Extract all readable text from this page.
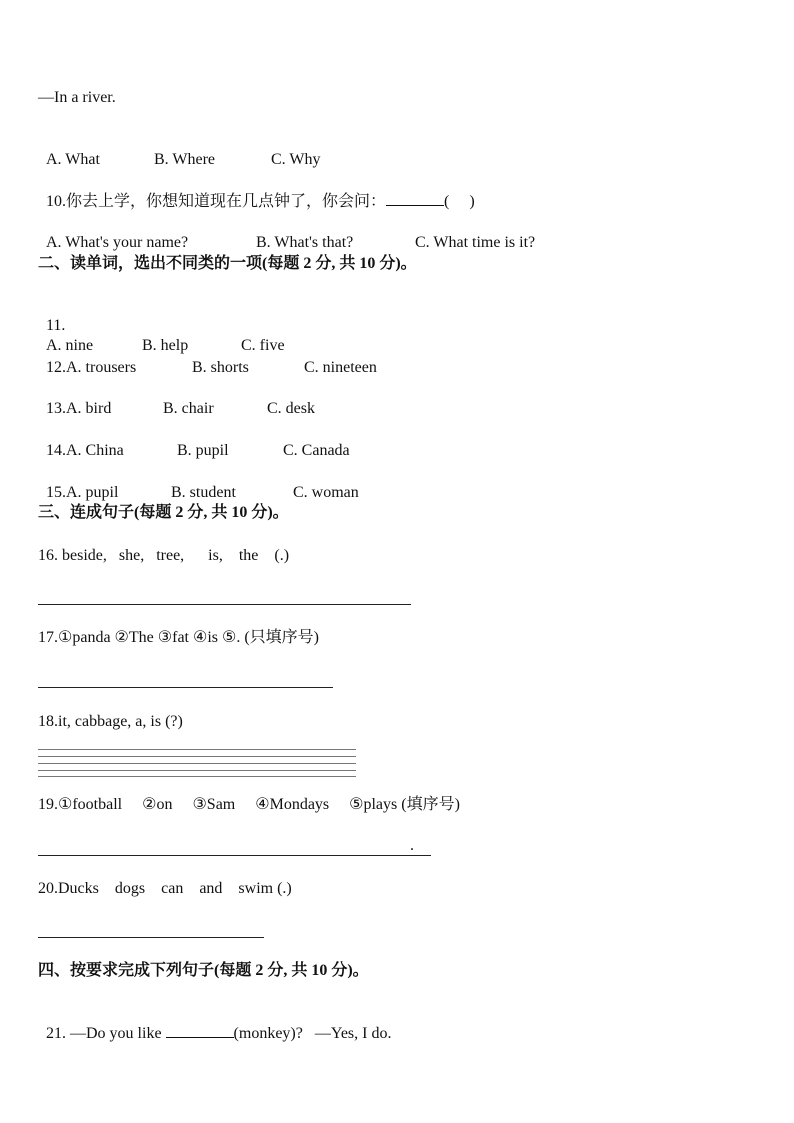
—In a river.

A. What	B. Where	C. Why

10.你去上学，你想知道现在几点钟了，你会问：	(     )

A. What's your name?	B. What's that?	C. What time is it?

二、读单词，选出不同类的一项(每题 2 分, 共 10 分)。

11.
A. nine	B. help	C. five

12.A. trousers	B. shorts	C. nineteen

13.A. bird	B. chair	C. desk

14.A. China	B. pupil	C. Canada

15.A. pupil	B. student	C. woman

三、连成句子(每题 2 分, 共 10 分)。
16. beside,   she,   tree,      is,    the    (.)
17.①panda ②The ③fat ④is ⑤. (只填序号)
18.it, cabbage, a, is (?)
19.①football     ②on     ③Sam     ④Mondays     ⑤plays (填序号)
.
20.Ducks    dogs    can    and    swim (.)
四、按要求完成下列句子(每题 2 分, 共 10 分)。

21. —Do you like	(monkey)?   —Yes, I do.
